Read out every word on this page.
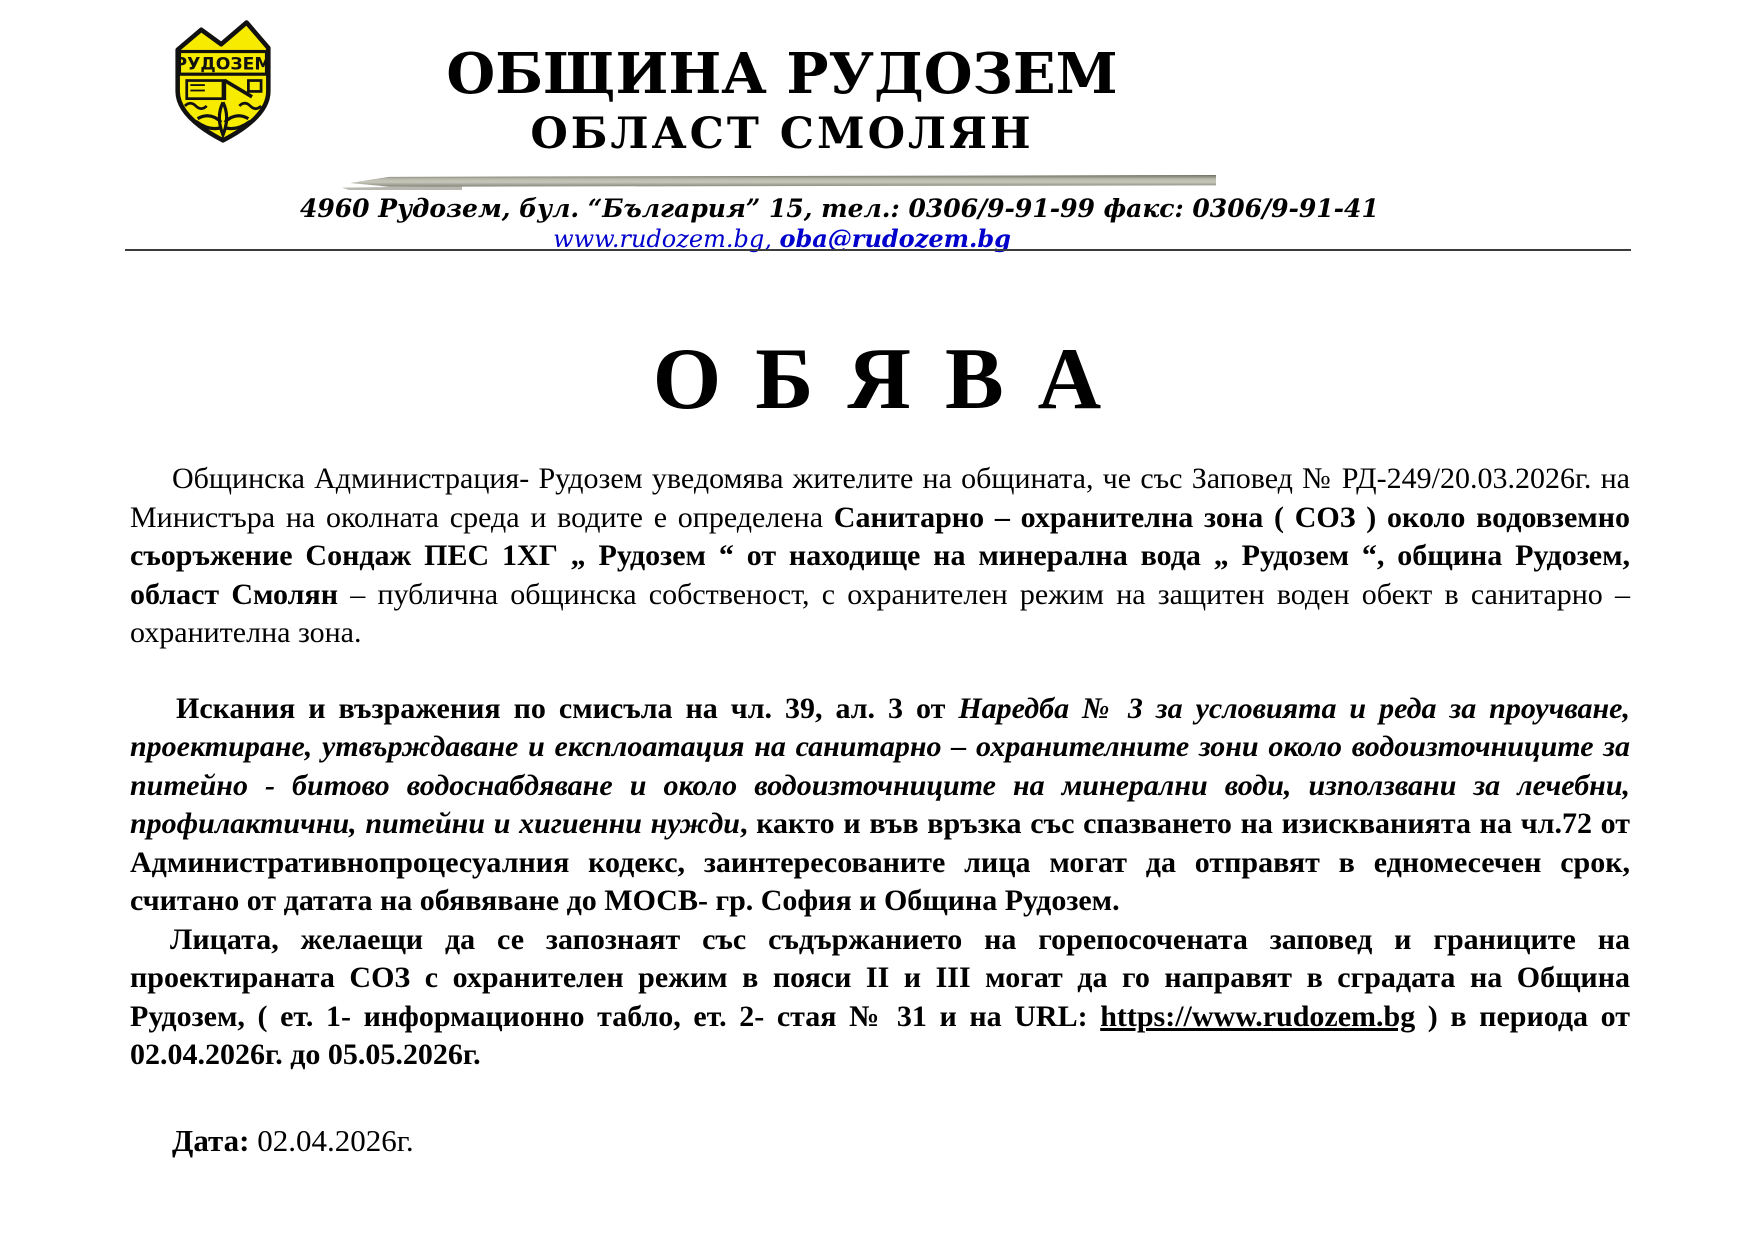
РУДОЗЕМ	ОБЩИНА РУДОЗЕМ
ОБЛАСТ СМОЛЯН
4960 Рудозем, бул. “България” 15, тел.: 0306/9-91-99 факс: 0306/9-91-41
www.rudozem.bg, oba@rudozem.bg
О Б Я В А

Общинска Администрация- Рудозем уведомява жителите на общината, че със Заповед № РД-249/20.03.2026г. на Министъра на околната среда и водите е определена Санитарно – охранителна зона ( СОЗ ) около водовземно съоръжение Сондаж ПЕС 1ХГ „ Рудозем “ от находище на минерална вода „ Рудозем “, община Рудозем, област Смолян – публична общинска собственост, с охранителен режим на защитен воден обект в санитарно – охранителна зона.

Искания и възражения по смисъла на чл. 39, ал. 3 от Наредба № 3 за условията и реда за проучване, проектиране, утвърждаване и експлоатация на санитарно – охранителните зони около водоизточниците за питейно - битово водоснабдяване и около водоизточниците на минерални води, използвани за лечебни, профилактични, питейни и хигиенни нужди, както и във връзка със спазването на изискванията на чл.72 от Административнопроцесуалния кодекс, заинтересованите лица могат да отправят в едномесечен срок, считано от датата на обявяване до МОСВ- гр. София и Община Рудозем.

Лицата, желаещи да се запознаят със съдържанието на горепосочената заповед и границите на проектираната СОЗ с охранителен режим в пояси II и III могат да го направят в сградата на Община Рудозем, ( ет. 1- информационно табло, ет. 2- стая № 31 и на URL: https://www.rudozem.bg ) в периода от 02.04.2026г. до 05.05.2026г.

Дата: 02.04.2026г.
